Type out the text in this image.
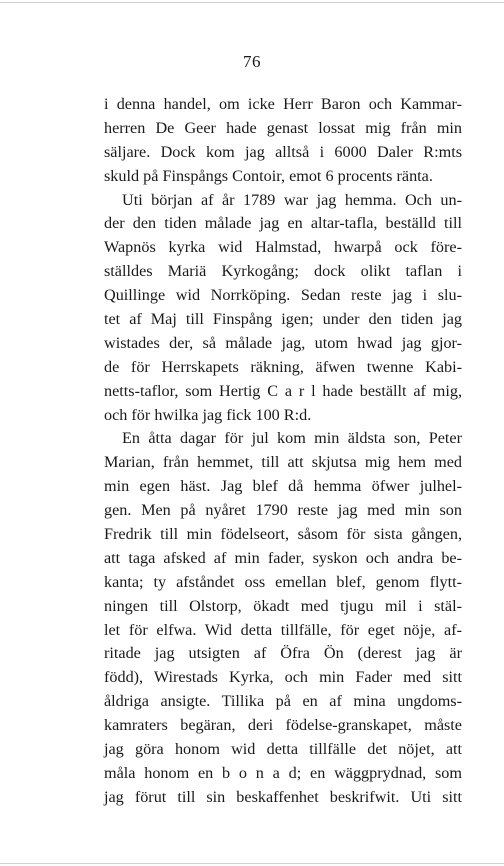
76
i denna handel, om icke Herr Baron och Kammar-
herren De Geer hade genast lossat mig från min
säljare. Dock kom jag alltså i 6000 Daler R:mts
skuld på Finspångs Contoir, emot 6 procents ränta.
Uti början af år 1789 war jag hemma. Och un-
der den tiden målade jag en altar-tafla, beställd till
Wapnös kyrka wid Halmstad, hwarpå ock före-
ställdes Mariä Kyrkogång; dock olikt taflan i
Quillinge wid Norrköping. Sedan reste jag i slu-
tet af Maj till Finspång igen; under den tiden jag
wistades der, så målade jag, utom hwad jag gjor-
de för Herrskapets räkning, äfwen twenne Kabi-
netts-taflor, som Hertig C a r l hade beställt af mig,
och för hwilka jag fick 100 R:d.
En åtta dagar för jul kom min äldsta son, Peter
Marian, från hemmet, till att skjutsa mig hem med
min egen häst. Jag blef då hemma öfwer julhel-
gen. Men på nyåret 1790 reste jag med min son
Fredrik till min födelseort, såsom för sista gången,
att taga afsked af min fader, syskon och andra be-
kanta; ty afståndet oss emellan blef, genom flytt-
ningen till Olstorp, ökadt med tjugu mil i stäl-
let för elfwa. Wid detta tillfälle, för eget nöje, af-
ritade jag utsigten af Öfra Ön (derest jag är
född), Wirestads Kyrka, och min Fader med sitt
åldriga ansigte. Tillika på en af mina ungdoms-
kamraters begäran, deri födelse-granskapet, måste
jag göra honom wid detta tillfälle det nöjet, att
måla honom en b o n a d; en wäggprydnad, som
jag förut till sin beskaffenhet beskrifwit. Uti sitt
